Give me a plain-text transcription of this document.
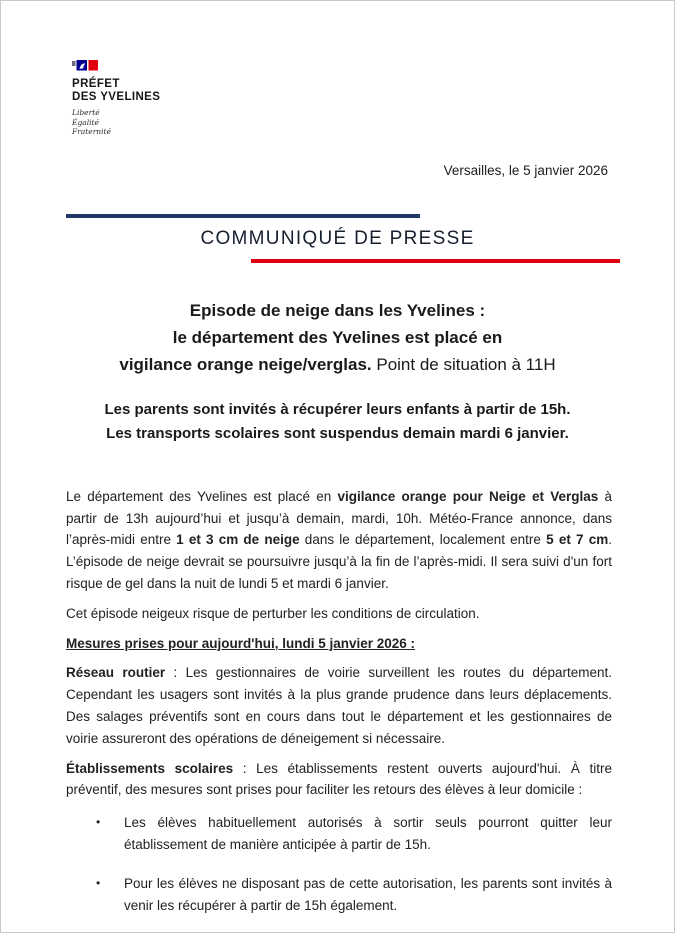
PRÉFET
DES YVELINES
Liberté
Égalité
Fraternité
Versailles, le 5 janvier 2026
COMMUNIQUÉ DE PRESSE
Episode de neige dans les Yvelines :
le département des Yvelines est placé en
vigilance orange neige/verglas. Point de situation à 11H
Les parents sont invités à récupérer leurs enfants à partir de 15h.
Les transports scolaires sont suspendus demain mardi 6 janvier.

Le département des Yvelines est placé en vigilance orange pour Neige et Verglas à partir de 13h aujourd’hui et jusqu’à demain, mardi, 10h. Météo-France annonce, dans l’après-midi entre 1 et 3 cm de neige dans le département, localement entre 5 et 7 cm. L’épisode de neige devrait se poursuivre jusqu’à la fin de l’après-midi. Il sera suivi d'un fort risque de gel dans la nuit de lundi 5 et mardi 6 janvier.

Cet épisode neigeux risque de perturber les conditions de circulation.

Mesures prises pour aujourd'hui, lundi 5 janvier 2026 :

Réseau routier : Les gestionnaires de voirie surveillent les routes du département. Cependant les usagers sont invités à la plus grande prudence dans leurs déplacements. Des salages préventifs sont en cours dans tout le département et les gestionnaires de voirie assureront des opérations de déneigement si nécessaire.

Établissements scolaires : Les établissements restent ouverts aujourd'hui. À titre préventif, des mesures sont prises pour faciliter les retours des élèves à leur domicile :

•	Les élèves habituellement autorisés à sortir seuls pourront quitter leur établissement de manière anticipée à partir de 15h.
•	Pour les élèves ne disposant pas de cette autorisation, les parents sont invités à venir les récupérer à partir de 15h également.
